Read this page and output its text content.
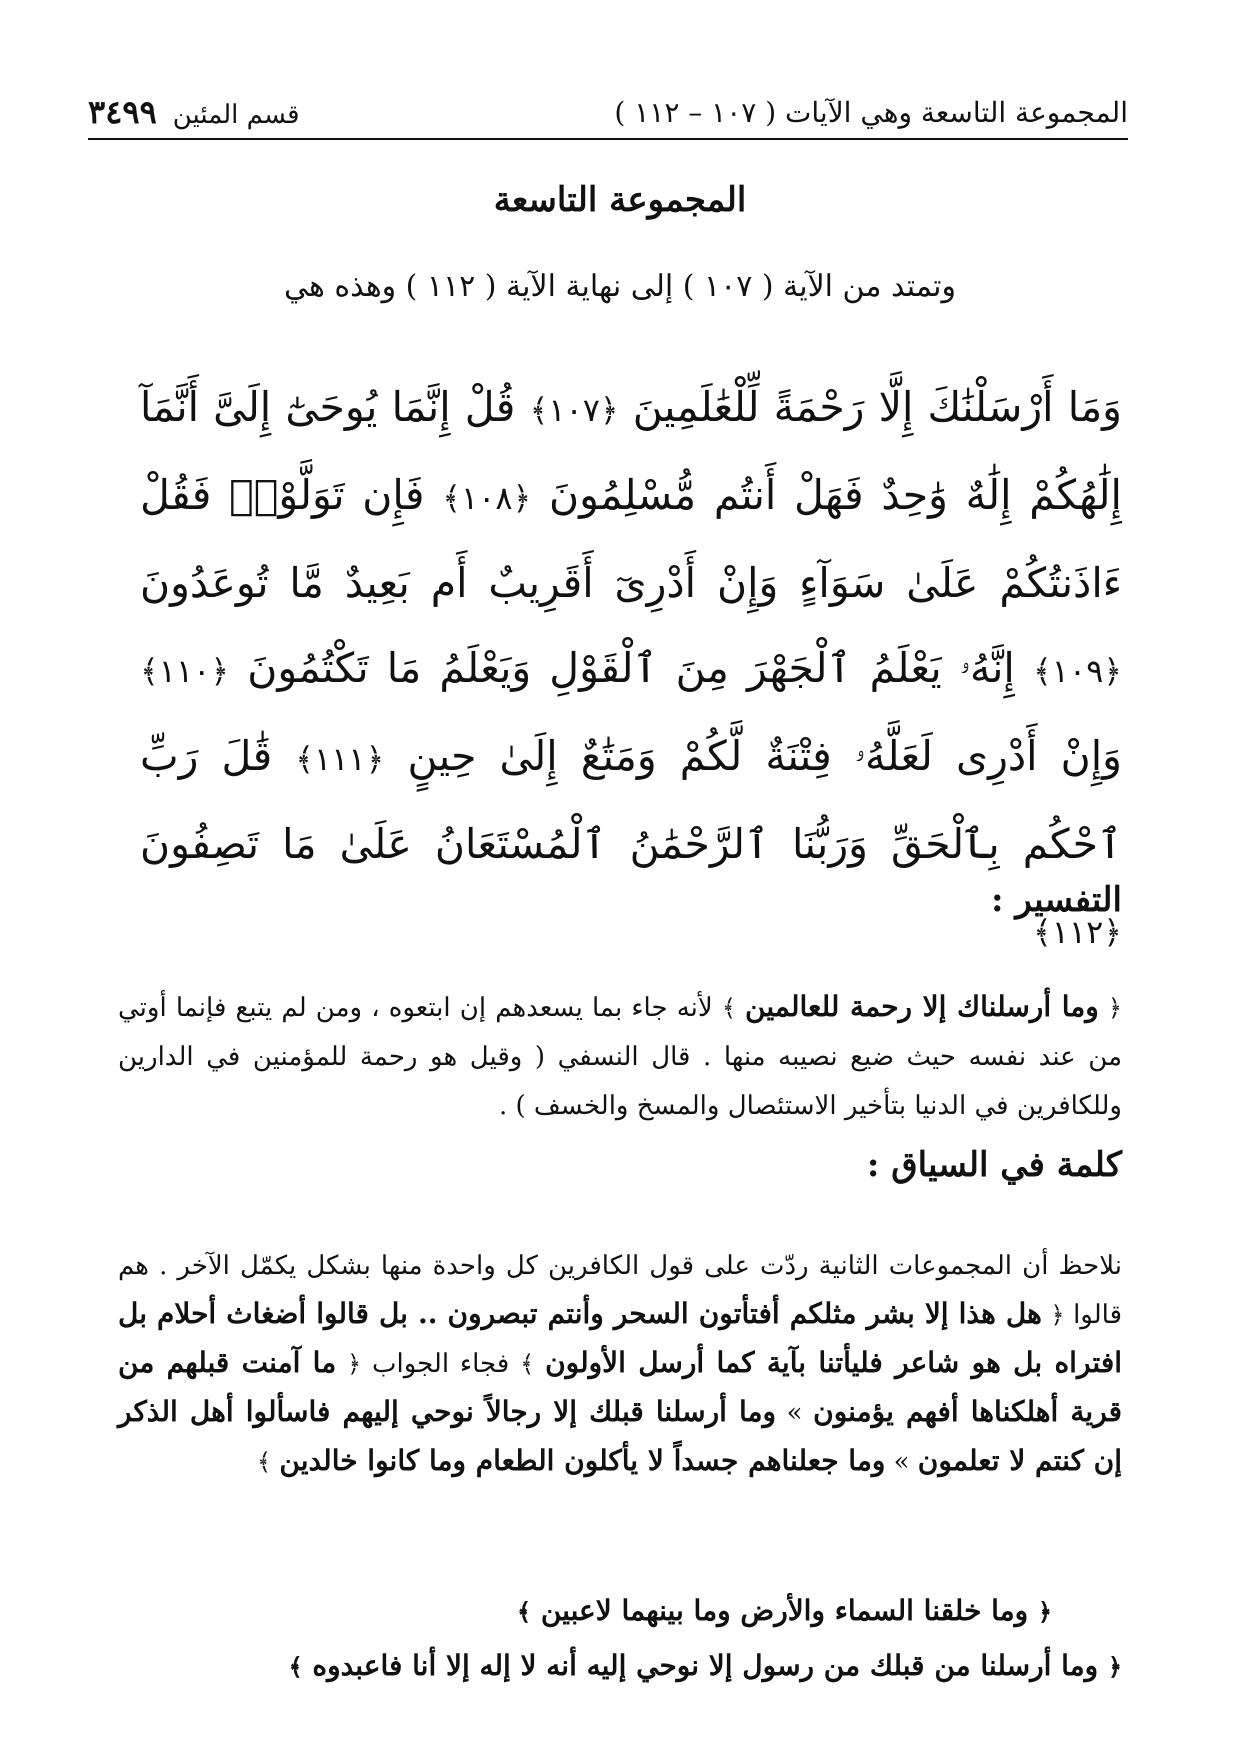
المجموعة التاسعة وهي الآيات ( ١٠٧ – ١١٢ )
قسم المئين
٣٤٩٩
المجموعة التاسعة
وتمتد من الآية ( ١٠٧ ) إلى نهاية الآية ( ١١٢ ) وهذه هي
وَمَا أَرْسَلْنَٰكَ إِلَّا رَحْمَةً لِّلْعَٰلَمِينَ ﴿١٠٧﴾ قُلْ إِنَّمَا يُوحَىٰٓ إِلَىَّ أَنَّمَآ إِلَٰهُكُمْ إِلَٰهٌ وَٰحِدٌ فَهَلْ أَنتُم مُّسْلِمُونَ ﴿١٠٨﴾ فَإِن تَوَلَّوْا۟ فَقُلْ ءَاذَنتُكُمْ عَلَىٰ سَوَآءٍ وَإِنْ أَدْرِىٓ أَقَرِيبٌ أَم بَعِيدٌ مَّا تُوعَدُونَ ﴿١٠٩﴾ إِنَّهُۥ يَعْلَمُ ٱلْجَهْرَ مِنَ ٱلْقَوْلِ وَيَعْلَمُ مَا تَكْتُمُونَ ﴿١١٠﴾ وَإِنْ أَدْرِى لَعَلَّهُۥ فِتْنَةٌ لَّكُمْ وَمَتَٰعٌ إِلَىٰ حِينٍ ﴿١١١﴾ قَٰلَ رَبِّ ٱحْكُم بِٱلْحَقِّ وَرَبُّنَا ٱلرَّحْمَٰنُ ٱلْمُسْتَعَانُ عَلَىٰ مَا تَصِفُونَ ﴿١١٢﴾
التفسير :
﴿ وما أرسلناك إلا رحمة للعالمين ﴾ لأنه جاء بما يسعدهم إن ابتعوه ، ومن لم يتبع فإنما أوتي من عند نفسه حيث ضيع نصيبه منها . قال النسفي ( وقيل هو رحمة للمؤمنين في الدارين وللكافرين في الدنيا بتأخير الاستئصال والمسخ والخسف ) .
كلمة في السياق :
نلاحظ أن المجموعات الثانية ردّت على قول الكافرين كل واحدة منها بشكل يكمّل الآخر . هم قالوا ﴿ هل هذا إلا بشر مثلكم أفتأتون السحر وأنتم تبصرون .. بل قالوا أضغاث أحلام بل افتراه بل هو شاعر فليأتنا بآية كما أرسل الأولون ﴾ فجاء الجواب ﴿ ما آمنت قبلهم من قرية أهلكناها أفهم يؤمنون » وما أرسلنا قبلك إلا رجالاً نوحي إليهم فاسألوا أهل الذكر إن كنتم لا تعلمون » وما جعلناهم جسداً لا يأكلون الطعام وما كانوا خالدين ﴾
﴿ وما خلقنا السماء والأرض وما بينهما لاعبين ﴾
﴿ وما أرسلنا من قبلك من رسول إلا نوحي إليه أنه لا إله إلا أنا فاعبدوه ﴾
